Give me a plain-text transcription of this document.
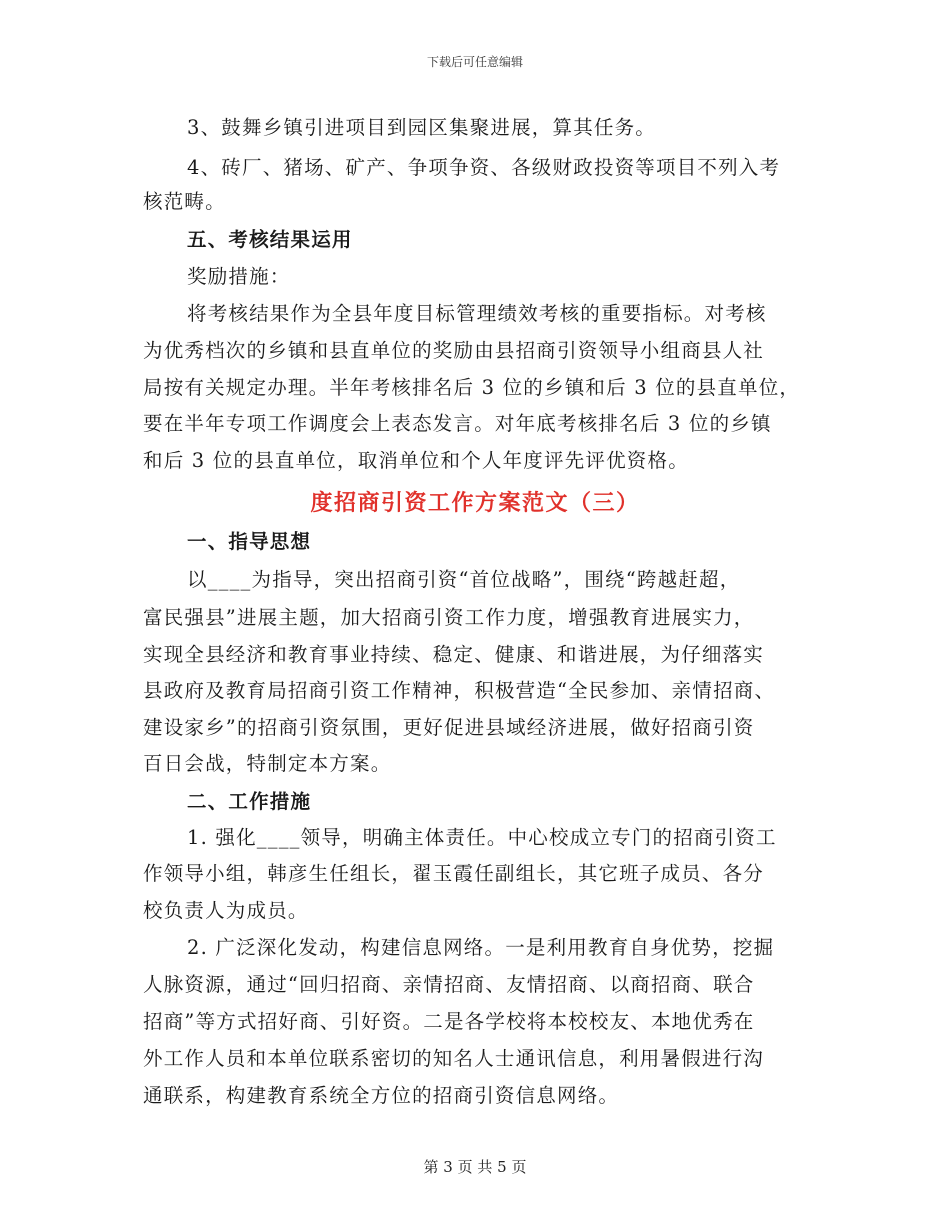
下载后可任意编辑
3、鼓舞乡镇引进项目到园区集聚进展，算其任务。
4、砖厂、猪场、矿产、争项争资、各级财政投资等项目不列入考
核范畴。
五、考核结果运用
奖励措施：
将考核结果作为全县年度目标管理绩效考核的重要指标。对考核
为优秀档次的乡镇和县直单位的奖励由县招商引资领导小组商县人社
局按有关规定办理。半年考核排名后 3 位的乡镇和后 3 位的县直单位，
要在半年专项工作调度会上表态发言。对年底考核排名后 3 位的乡镇
和后 3 位的县直单位，取消单位和个人年度评先评优资格。
一、指导思想
以____为指导，突出招商引资“首位战略”，围绕“跨越赶超，
富民强县”进展主题，加大招商引资工作力度，增强教育进展实力，
实现全县经济和教育事业持续、稳定、健康、和谐进展，为仔细落实
县政府及教育局招商引资工作精神，积极营造“全民参加、亲情招商、
建设家乡”的招商引资氛围，更好促进县域经济进展，做好招商引资
百日会战，特制定本方案。
二、工作措施
1. 强化____领导，明确主体责任。中心校成立专门的招商引资工
作领导小组，韩彦生任组长，翟玉霞任副组长，其它班子成员、各分
校负责人为成员。
2. 广泛深化发动，构建信息网络。一是利用教育自身优势，挖掘
人脉资源，通过“回归招商、亲情招商、友情招商、以商招商、联合
招商”等方式招好商、引好资。二是各学校将本校校友、本地优秀在
外工作人员和本单位联系密切的知名人士通讯信息，利用暑假进行沟
通联系，构建教育系统全方位的招商引资信息网络。
度招商引资工作方案范文（三）
第 3 页 共 5 页
